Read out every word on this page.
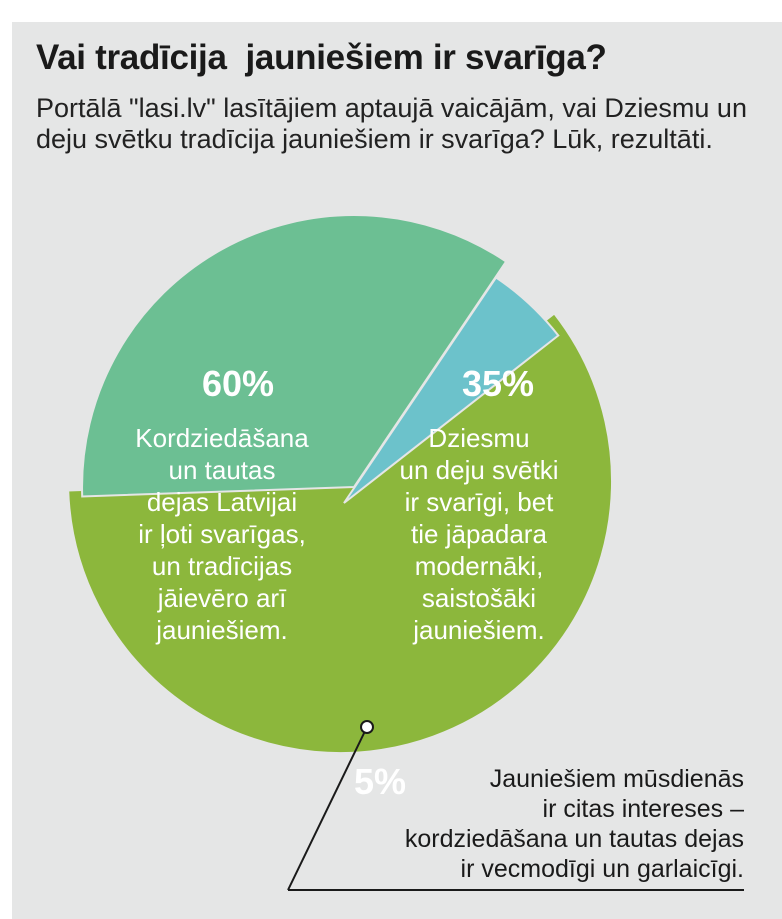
Vai tradīcija  jauniešiem ir svarīga?

Portālā "lasi.lv" lasītājiem aptaujā vaicājām, vai Dziesmu un deju svētku tradīcija jauniešiem ir svarīga? Lūk, rezultāti.

60%
Kordziedāšana un tautas dejas Latvijai ir ļoti svarīgas, un tradīcijas jāievēro arī jauniešiem.
35%
Dziesmu un deju svētki ir svarīgi, bet tie jāpadara modernāki, saistošāki jauniešiem.
5%	Jauniešiem mūsdienās ir citas intereses – kordziedāšana un tautas dejas ir vecmodīgi un garlaicīgi.
